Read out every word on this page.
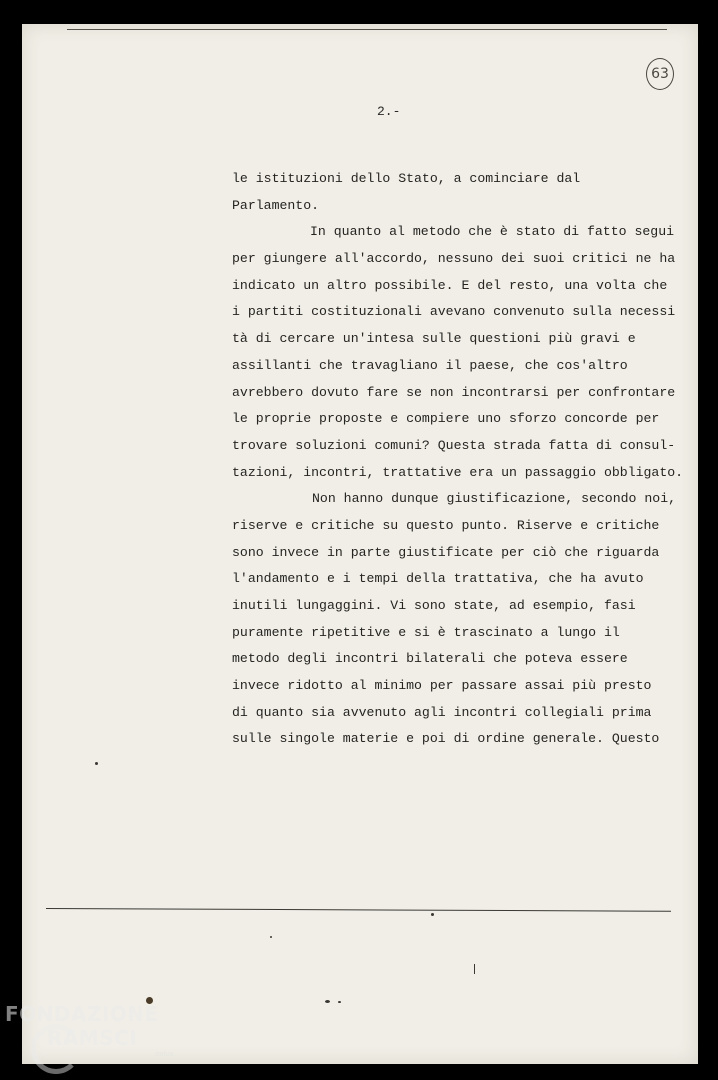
63
2.-
le istituzioni dello Stato, a cominciare dal
Parlamento.
In quanto al metodo che è stato di fatto segui
per giungere all'accordo, nessuno dei suoi critici ne ha
indicato un altro possibile. E del resto, una volta che
i partiti costituzionali avevano convenuto sulla necessi
tà di cercare un'intesa sulle questioni più gravi e
assillanti che travagliano il paese, che cos'altro
avrebbero dovuto fare se non incontrarsi per confrontare
le proprie proposte e compiere uno sforzo concorde per
trovare soluzioni comuni? Questa strada fatta di consul-
tazioni, incontri, trattative era un passaggio obbligato.
Non hanno dunque giustificazione, secondo noi,
riserve e critiche su questo punto. Riserve e critiche
sono invece in parte giustificate per ciò che riguarda
l'andamento e i tempi della trattativa, che ha avuto
inutili lungaggini. Vi sono state, ad esempio, fasi
puramente ripetitive e si è trascinato a lungo il
metodo degli incontri bilaterali che poteva essere
invece ridotto al minimo per passare assai più presto
di quanto sia avvenuto agli incontri collegiali prima
sulle singole materie e poi di ordine generale. Questo
FONDAZIONE
RAMSCI
onlus
